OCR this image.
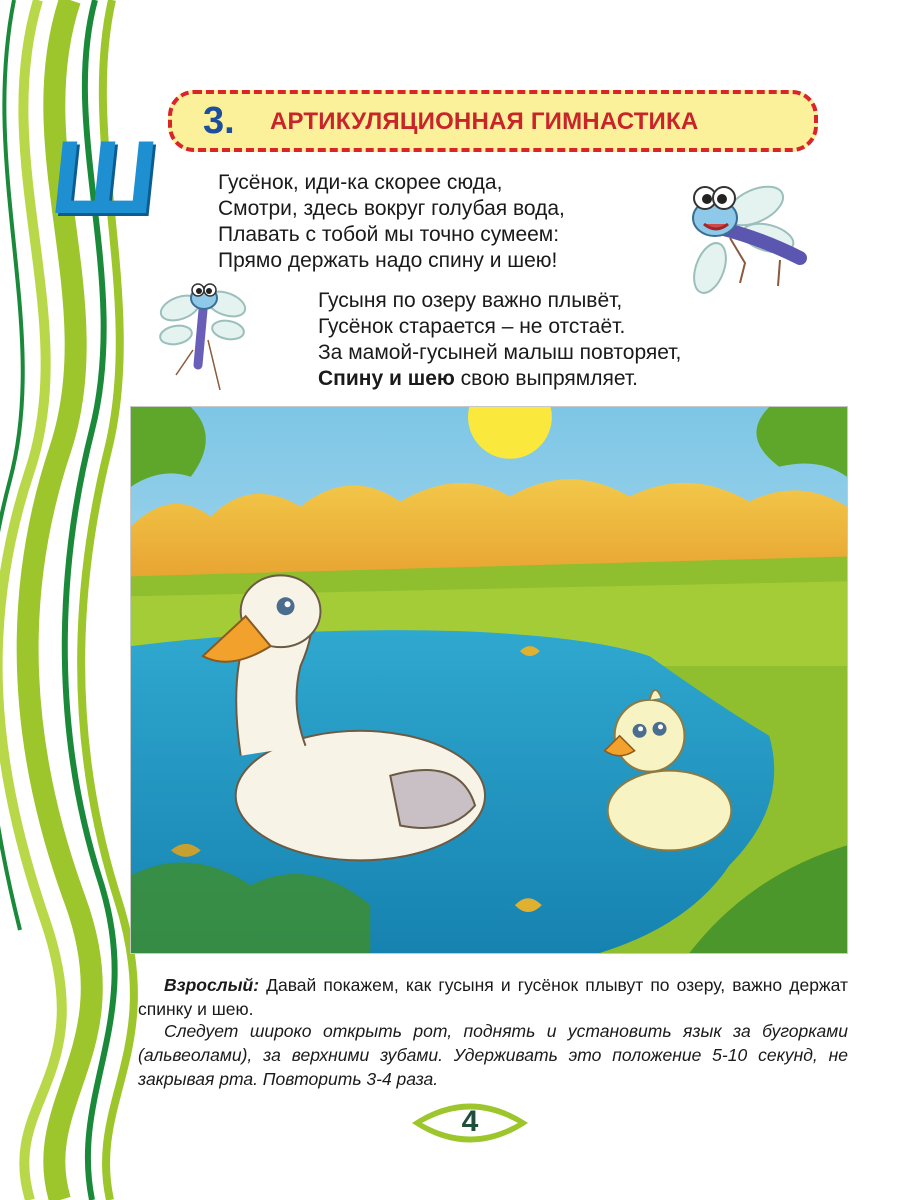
Ш 3. АРТИКУЛЯЦИОННАЯ ГИМНАСТИКА
Гусёнок, иди-ка скорее сюда,
Смотри, здесь вокруг голубая вода,
Плавать с тобой мы точно сумеем:
Прямо держать надо спину и шею!
Гусыня по озеру важно плывёт,
Гусёнок старается – не отстаёт.
За мамой-гусыней малыш повторяет,
Спину и шею свою выпрямляет.
Взрослый: Давай покажем, как гусыня и гусёнок плывут по озеру, важно держат спинку и шею.
Следует широко открыть рот, поднять и установить язык за бугорками (альвеолами), за верхними зубами. Удерживать это положение 5-10 секунд, не закрывая рта. Повторить 3-4 раза.
4
